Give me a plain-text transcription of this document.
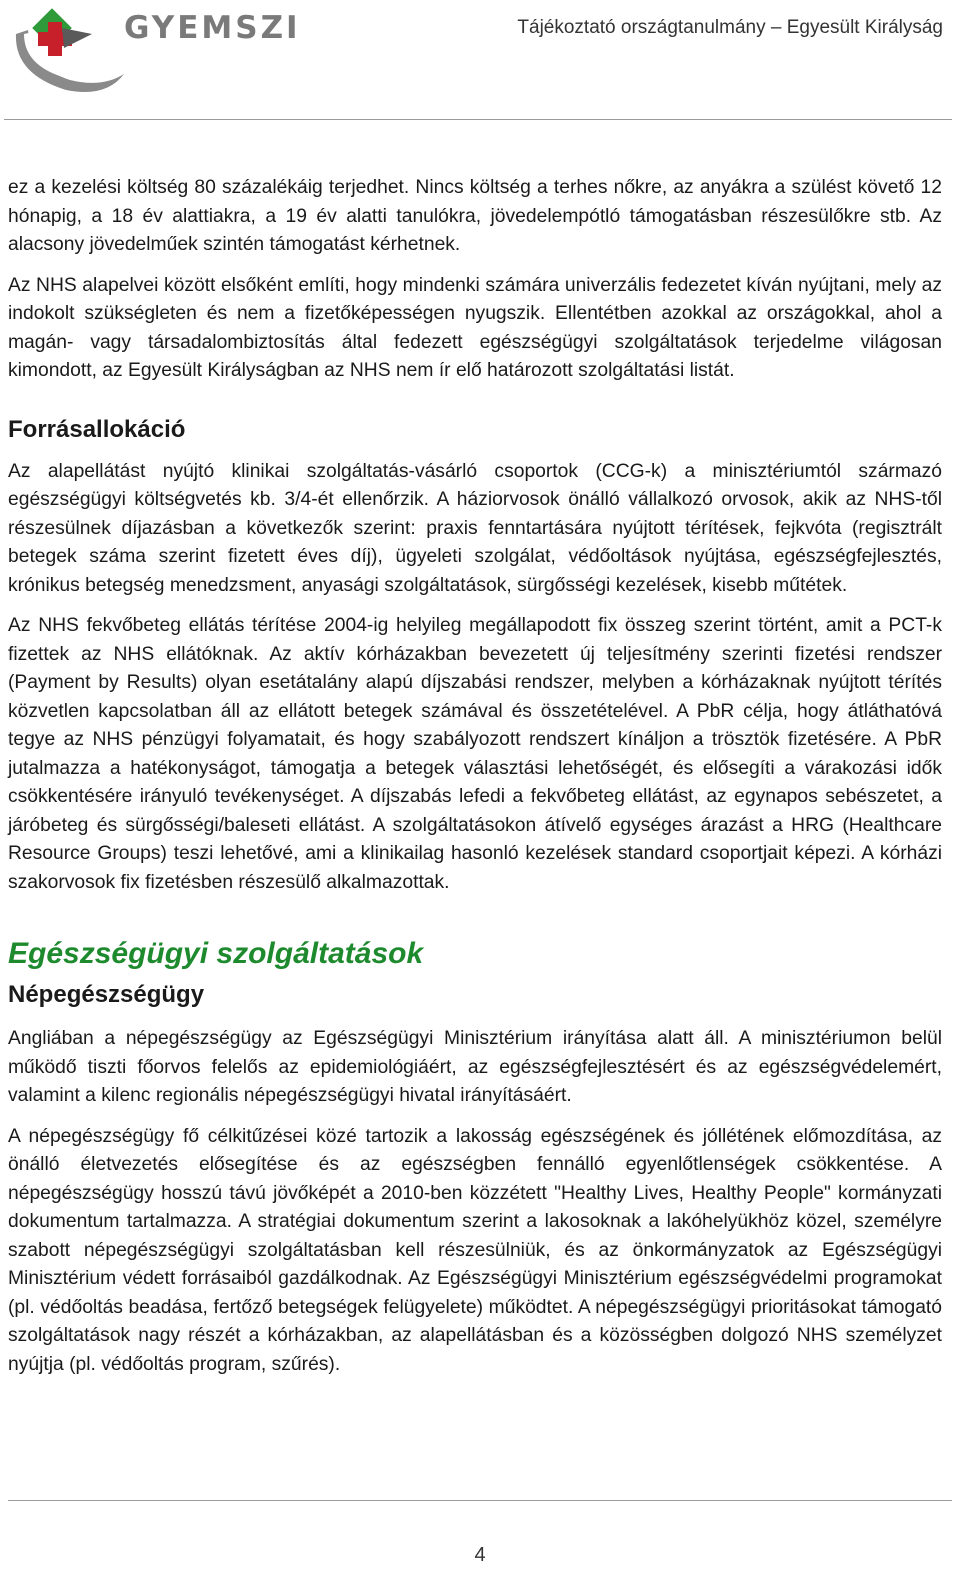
GYEMSZI	Tájékoztató országtanulmány – Egyesült Királyság

ez a kezelési költség 80 százalékáig terjedhet. Nincs költség a terhes nőkre, az anyákra a szülést követő 12 hónapig, a 18 év alattiakra, a 19 év alatti tanulókra, jövedelempótló támogatásban részesülőkre stb. Az alacsony jövedelműek szintén támogatást kérhetnek.

Az NHS alapelvei között elsőként említi, hogy mindenki számára univerzális fedezetet kíván nyújtani, mely az indokolt szükségleten és nem a fizetőképességen nyugszik. Ellentétben azokkal az országokkal, ahol a magán- vagy társadalombiztosítás által fedezett egészségügyi szolgáltatások terjedelme világosan kimondott, az Egyesült Királyságban az NHS nem ír elő határozott szolgáltatási listát.

Forrásallokáció

Az alapellátást nyújtó klinikai szolgáltatás-vásárló csoportok (CCG-k) a minisztériumtól származó egészségügyi költségvetés kb. 3/4-ét ellenőrzik. A háziorvosok önálló vállalkozó orvosok, akik az NHS-től részesülnek díjazásban a következők szerint: praxis fenntartására nyújtott térítések, fejkvóta (regisztrált betegek száma szerint fizetett éves díj), ügyeleti szolgálat, védőoltások nyújtása, egészségfejlesztés, krónikus betegség menedzsment, anyasági szolgáltatások, sürgősségi kezelések, kisebb műtétek.

Az NHS fekvőbeteg ellátás térítése 2004-ig helyileg megállapodott fix összeg szerint történt, amit a PCT-k fizettek az NHS ellátóknak. Az aktív kórházakban bevezetett új teljesítmény szerinti fizetési rendszer (Payment by Results) olyan esetátalány alapú díjszabási rendszer, melyben a kórházaknak nyújtott térítés közvetlen kapcsolatban áll az ellátott betegek számával és összetételével. A PbR célja, hogy átláthatóvá tegye az NHS pénzügyi folyamatait, és hogy szabályozott rendszert kínáljon a trösztök fizetésére. A PbR jutalmazza a hatékonyságot, támogatja a betegek választási lehetőségét, és elősegíti a várakozási idők csökkentésére irányuló tevékenységet. A díjszabás lefedi a fekvőbeteg ellátást, az egynapos sebészetet, a járóbeteg és sürgősségi/baleseti ellátást. A szolgáltatásokon átívelő egységes árazást a HRG (Healthcare Resource Groups) teszi lehetővé, ami a klinikailag hasonló kezelések standard csoportjait képezi. A kórházi szakorvosok fix fizetésben részesülő alkalmazottak.

Egészségügyi szolgáltatások
Népegészségügy

Angliában a népegészségügy az Egészségügyi Minisztérium irányítása alatt áll. A minisztériumon belül működő tiszti főorvos felelős az epidemiológiáért, az egészségfejlesztésért és az egészségvédelemért, valamint a kilenc regionális népegészségügyi hivatal irányításáért.

A népegészségügy fő célkitűzései közé tartozik a lakosság egészségének és jóllétének előmozdítása, az önálló életvezetés elősegítése és az egészségben fennálló egyenlőtlenségek csökkentése. A népegészségügy hosszú távú jövőképét a 2010-ben közzétett "Healthy Lives, Healthy People" kormányzati dokumentum tartalmazza. A stratégiai dokumentum szerint a lakosoknak a lakóhelyükhöz közel, személyre szabott népegészségügyi szolgáltatásban kell részesülniük, és az önkormányzatok az Egészségügyi Minisztérium védett forrásaiból gazdálkodnak. Az Egészségügyi Minisztérium egészségvédelmi programokat (pl. védőoltás beadása, fertőző betegségek felügyelete) működtet. A népegészségügyi prioritásokat támogató szolgáltatások nagy részét a kórházakban, az alapellátásban és a közösségben dolgozó NHS személyzet nyújtja (pl. védőoltás program, szűrés).

4
